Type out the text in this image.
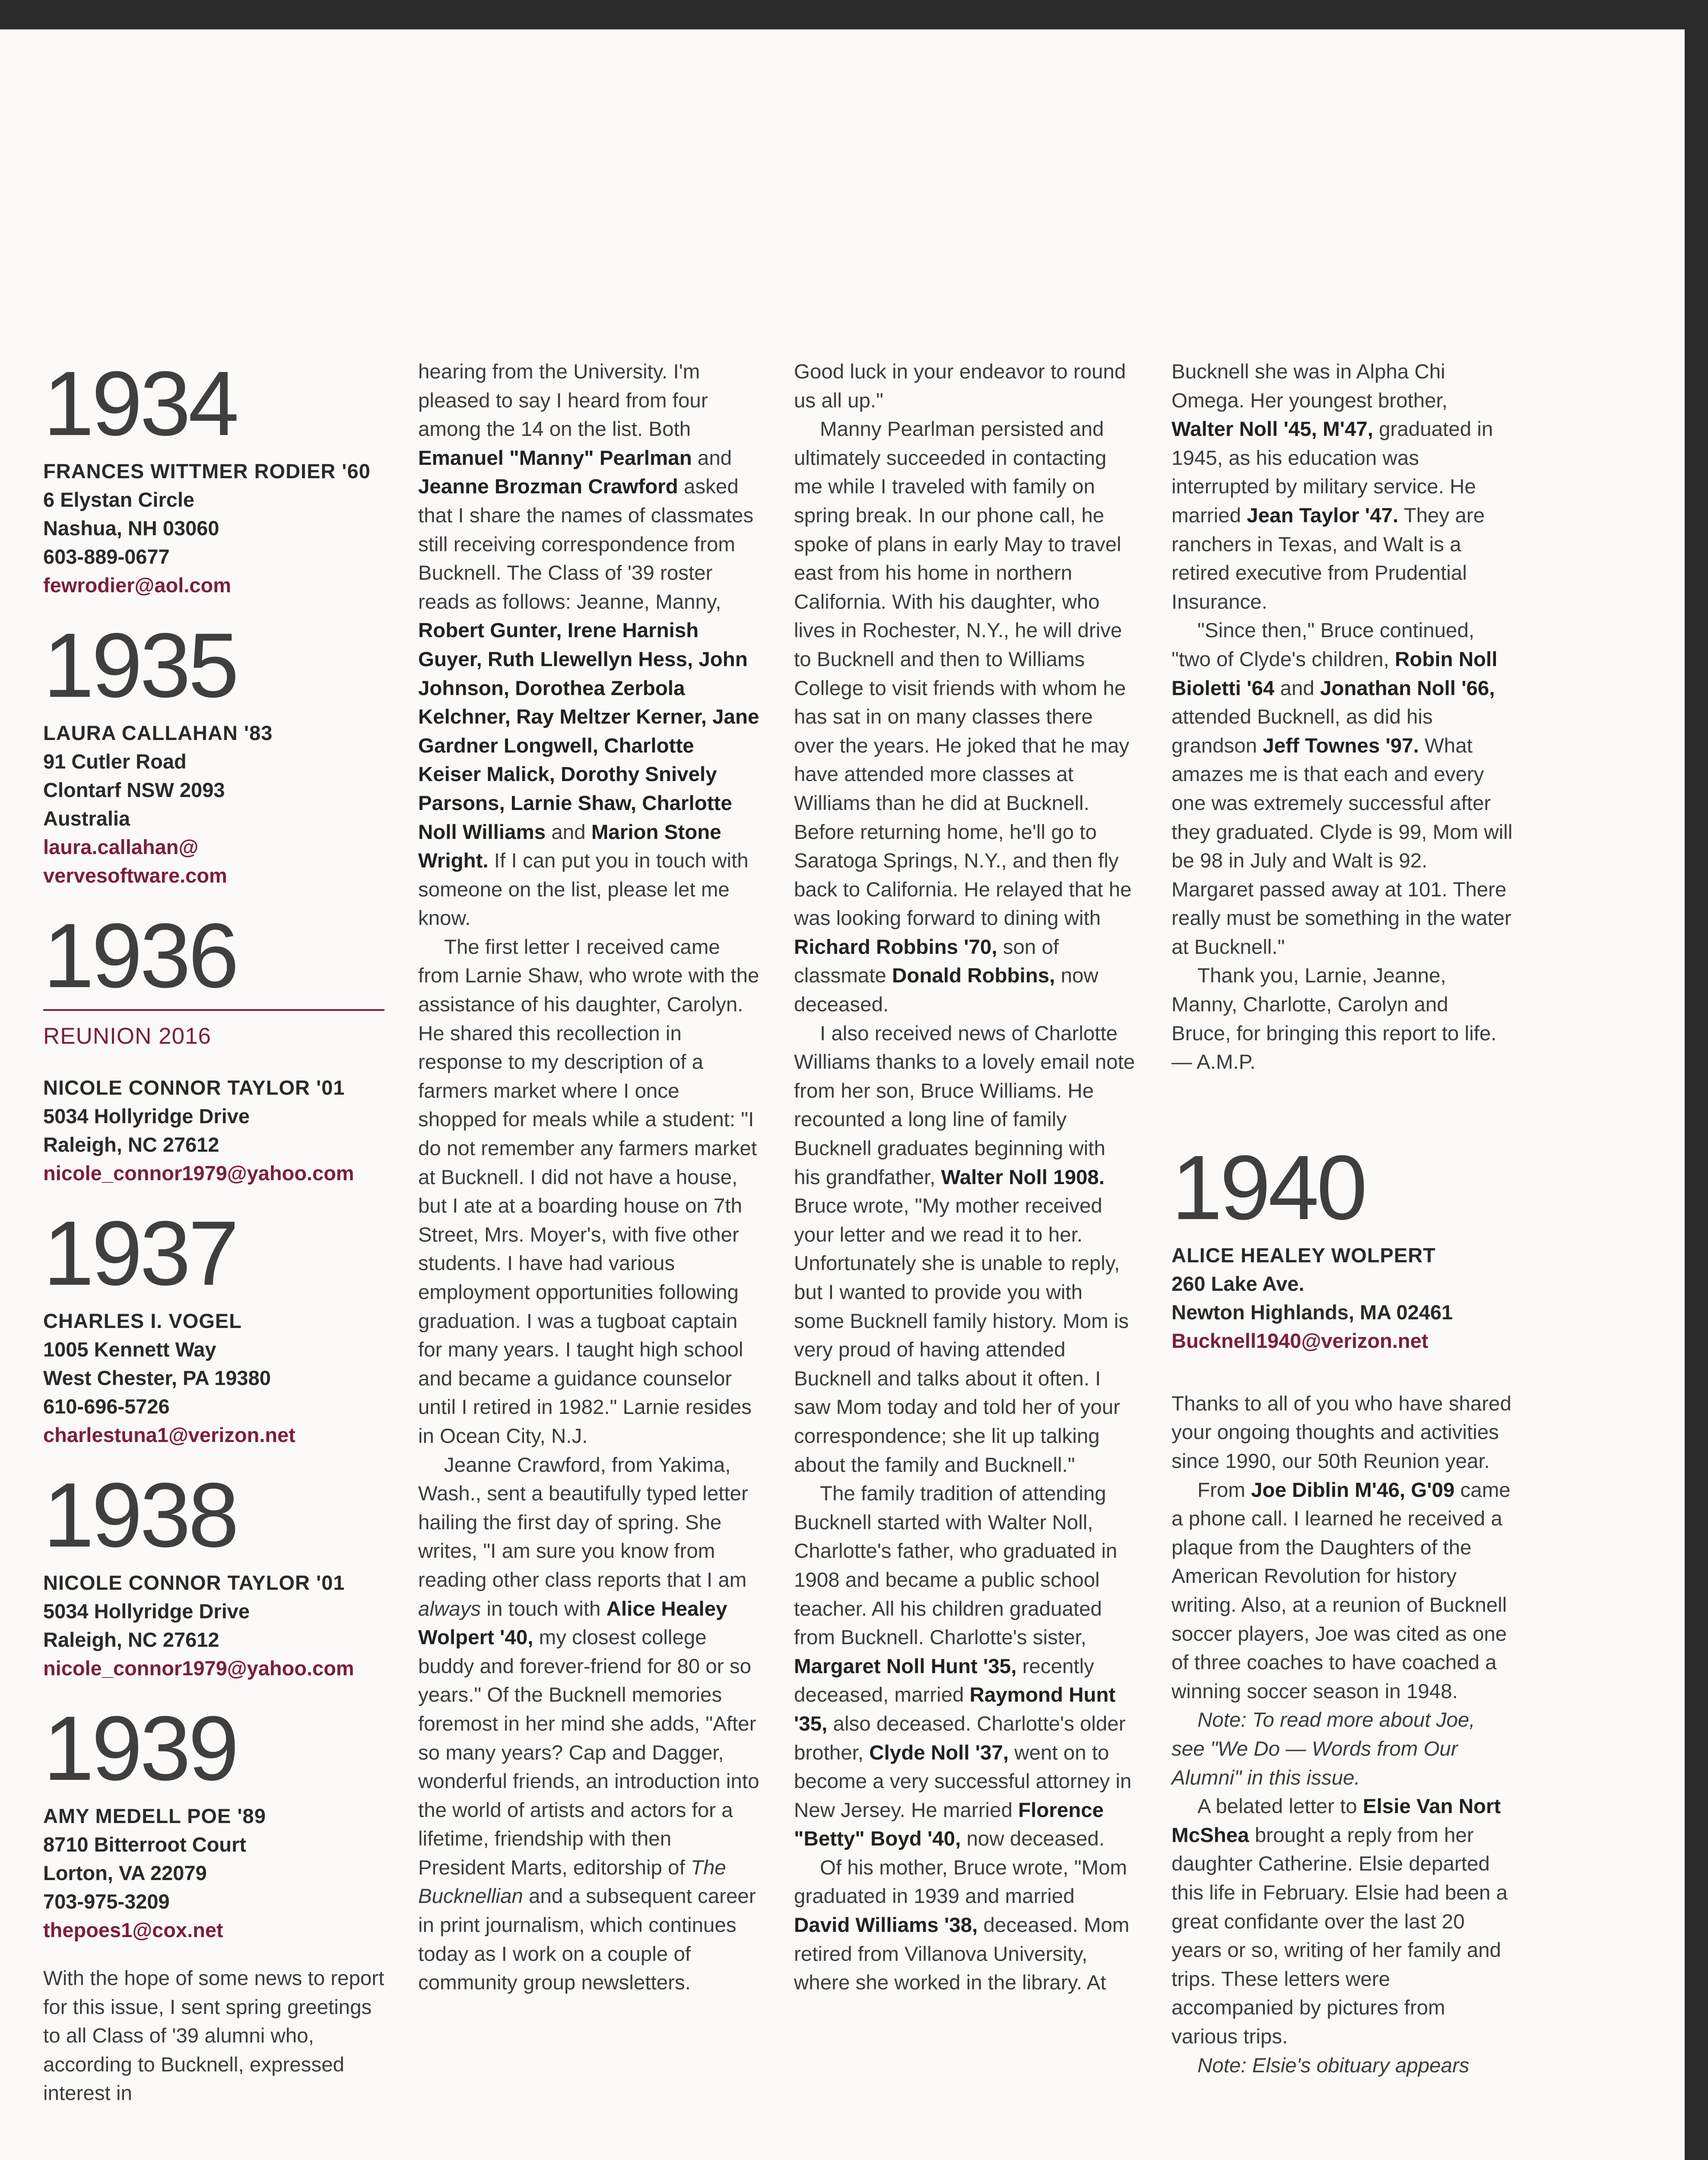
1934
FRANCES WITTMER RODIER '60
6 Elystan Circle
Nashua, NH 03060
603-889-0677
fewrodier@aol.com
1935
LAURA CALLAHAN '83
91 Cutler Road
Clontarf NSW 2093
Australia
laura.callahan@
vervesoftware.com
1936
REUNION 2016
NICOLE CONNOR TAYLOR '01
5034 Hollyridge Drive
Raleigh, NC 27612
nicole_connor1979@yahoo.com
1937
CHARLES I. VOGEL
1005 Kennett Way
West Chester, PA 19380
610-696-5726
charlestuna1@verizon.net
1938
NICOLE CONNOR TAYLOR '01
5034 Hollyridge Drive
Raleigh, NC 27612
nicole_connor1979@yahoo.com
1939
AMY MEDELL POE '89
8710 Bitterroot Court
Lorton, VA 22079
703-975-3209
thepoes1@cox.net

With the hope of some news to report for this issue, I sent spring greetings to all Class of '39 alumni who, according to Bucknell, expressed interest in

hearing from the University. I'm pleased to say I heard from four among the 14 on the list. Both Emanuel "Manny" Pearlman and Jeanne Brozman Crawford asked that I share the names of classmates still receiving correspondence from Bucknell. The Class of '39 roster reads as follows: Jeanne, Manny, Robert Gunter, Irene Harnish Guyer, Ruth Llewellyn Hess, John Johnson, Dorothea Zerbola Kelchner, Ray Meltzer Kerner, Jane Gardner Longwell, Charlotte Keiser Malick, Dorothy Snively Parsons, Larnie Shaw, Charlotte Noll Williams and Marion Stone Wright. If I can put you in touch with someone on the list, please let me know.

The first letter I received came from Larnie Shaw, who wrote with the assistance of his daughter, Carolyn. He shared this recollection in response to my description of a farmers market where I once shopped for meals while a student: "I do not remember any farmers market at Bucknell. I did not have a house, but I ate at a boarding house on 7th Street, Mrs. Moyer's, with five other students. I have had various employment opportunities following graduation. I was a tugboat captain for many years. I taught high school and became a guidance counselor until I retired in 1982." Larnie resides in Ocean City, N.J.

Jeanne Crawford, from Yakima, Wash., sent a beautifully typed letter hailing the first day of spring. She writes, "I am sure you know from reading other class reports that I am always in touch with Alice Healey Wolpert '40, my closest college buddy and forever-friend for 80 or so years." Of the Bucknell memories foremost in her mind she adds, "After so many years? Cap and Dagger, wonderful friends, an introduction into the world of artists and actors for a lifetime, friendship with then President Marts, editorship of The Bucknellian and a subsequent career in print journalism, which continues today as I work on a couple of community group newsletters.

Good luck in your endeavor to round us all up."

Manny Pearlman persisted and ultimately succeeded in contacting me while I traveled with family on spring break. In our phone call, he spoke of plans in early May to travel east from his home in northern California. With his daughter, who lives in Rochester, N.Y., he will drive to Bucknell and then to Williams College to visit friends with whom he has sat in on many classes there over the years. He joked that he may have attended more classes at Williams than he did at Bucknell. Before returning home, he'll go to Saratoga Springs, N.Y., and then fly back to California. He relayed that he was looking forward to dining with Richard Robbins '70, son of classmate Donald Robbins, now deceased.

I also received news of Charlotte Williams thanks to a lovely email note from her son, Bruce Williams. He recounted a long line of family Bucknell graduates beginning with his grandfather, Walter Noll 1908. Bruce wrote, "My mother received your letter and we read it to her. Unfortunately she is unable to reply, but I wanted to provide you with some Bucknell family history. Mom is very proud of having attended Bucknell and talks about it often. I saw Mom today and told her of your correspondence; she lit up talking about the family and Bucknell."

The family tradition of attending Bucknell started with Walter Noll, Charlotte's father, who graduated in 1908 and became a public school teacher. All his children graduated from Bucknell. Charlotte's sister, Margaret Noll Hunt '35, recently deceased, married Raymond Hunt '35, also deceased. Charlotte's older brother, Clyde Noll '37, went on to become a very successful attorney in New Jersey. He married Florence "Betty" Boyd '40, now deceased.

Of his mother, Bruce wrote, "Mom graduated in 1939 and married David Williams '38, deceased. Mom retired from Villanova University, where she worked in the library. At

Bucknell she was in Alpha Chi Omega. Her youngest brother, Walter Noll '45, M'47, graduated in 1945, as his education was interrupted by military service. He married Jean Taylor '47. They are ranchers in Texas, and Walt is a retired executive from Prudential Insurance.

"Since then," Bruce continued, "two of Clyde's children, Robin Noll Bioletti '64 and Jonathan Noll '66, attended Bucknell, as did his grandson Jeff Townes '97. What amazes me is that each and every one was extremely successful after they graduated. Clyde is 99, Mom will be 98 in July and Walt is 92. Margaret passed away at 101. There really must be something in the water at Bucknell."

Thank you, Larnie, Jeanne, Manny, Charlotte, Carolyn and Bruce, for bringing this report to life. — A.M.P.

1940
ALICE HEALEY WOLPERT
260 Lake Ave.
Newton Highlands, MA 02461
Bucknell1940@verizon.net

Thanks to all of you who have shared your ongoing thoughts and activities since 1990, our 50th Reunion year.

From Joe Diblin M'46, G'09 came a phone call. I learned he received a plaque from the Daughters of the American Revolution for history writing. Also, at a reunion of Bucknell soccer players, Joe was cited as one of three coaches to have coached a winning soccer season in 1948.

Note: To read more about Joe, see "We Do — Words from Our Alumni" in this issue.

A belated letter to Elsie Van Nort McShea brought a reply from her daughter Catherine. Elsie departed this life in February. Elsie had been a great confidante over the last 20 years or so, writing of her family and trips. These letters were accompanied by pictures from various trips.

Note: Elsie's obituary appears
